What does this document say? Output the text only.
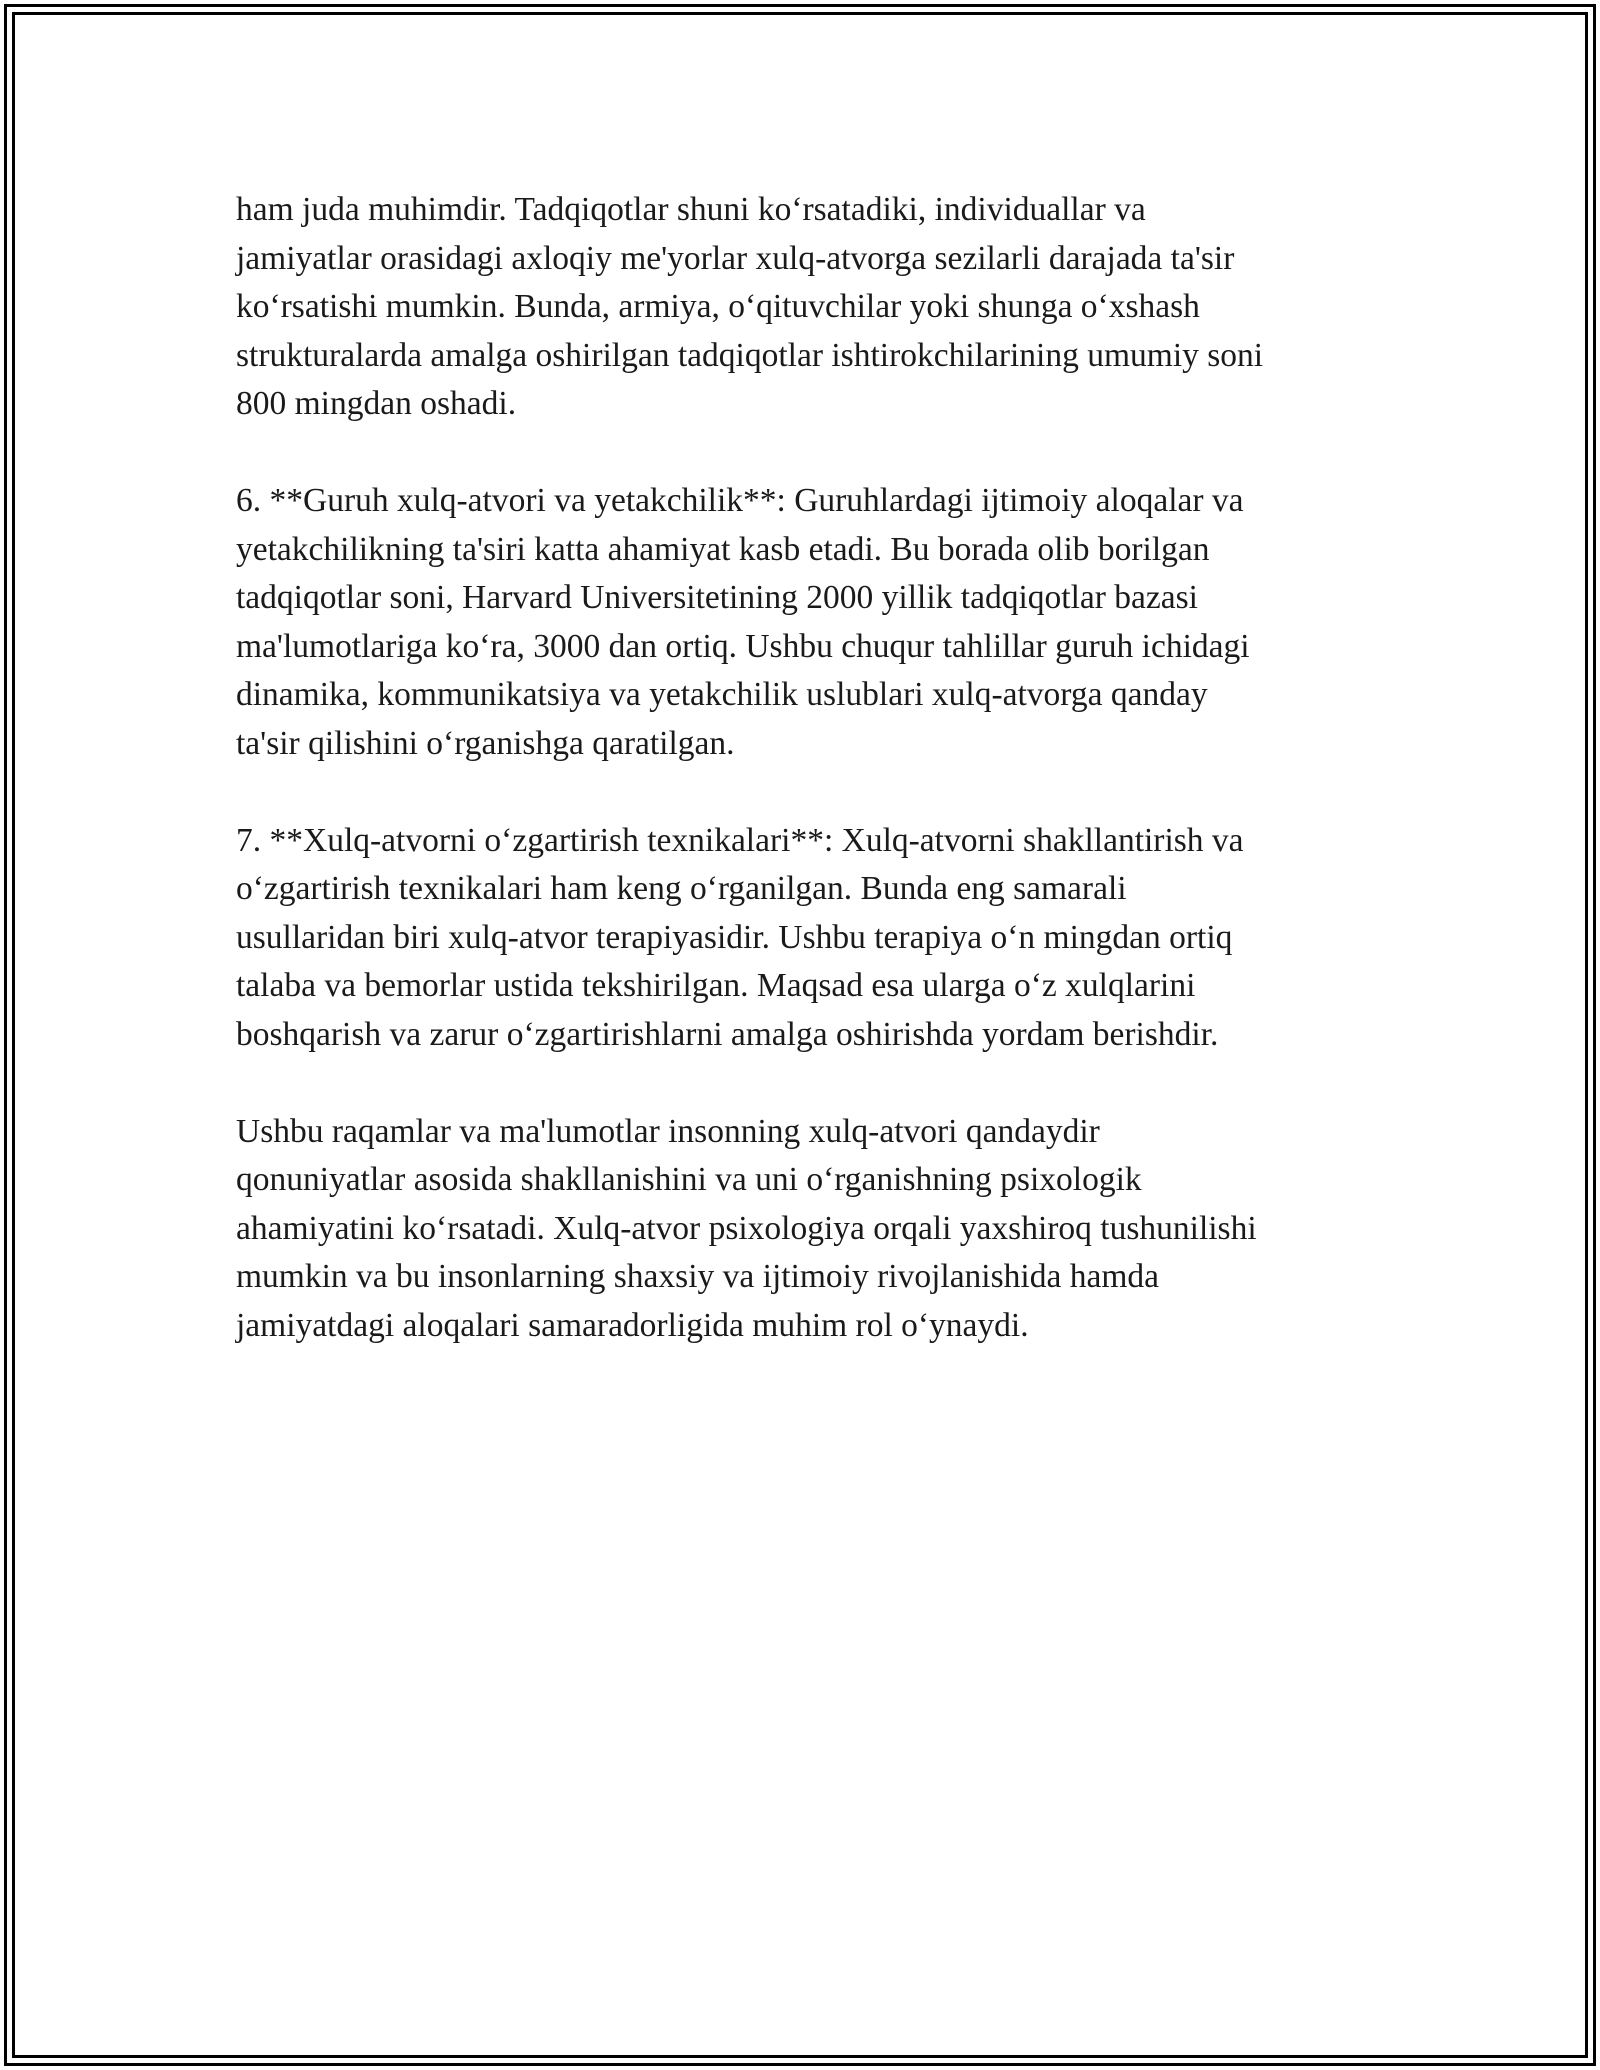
ham juda muhimdir. Tadqiqotlar shuni ko‘rsatadiki, individuallar va
jamiyatlar orasidagi axloqiy me'yorlar xulq-atvorga sezilarli darajada ta'sir
ko‘rsatishi mumkin. Bunda, armiya, o‘qituvchilar yoki shunga o‘xshash
strukturalarda amalga oshirilgan tadqiqotlar ishtirokchilarining umumiy soni
800 mingdan oshadi.

6. **Guruh xulq-atvori va yetakchilik**: Guruhlardagi ijtimoiy aloqalar va
yetakchilikning ta'siri katta ahamiyat kasb etadi. Bu borada olib borilgan
tadqiqotlar soni, Harvard Universitetining 2000 yillik tadqiqotlar bazasi
ma'lumotlariga ko‘ra, 3000 dan ortiq. Ushbu chuqur tahlillar guruh ichidagi
dinamika, kommunikatsiya va yetakchilik uslublari xulq-atvorga qanday
ta'sir qilishini o‘rganishga qaratilgan.

7. **Xulq-atvorni o‘zgartirish texnikalari**: Xulq-atvorni shakllantirish va
o‘zgartirish texnikalari ham keng o‘rganilgan. Bunda eng samarali
usullaridan biri xulq-atvor terapiyasidir. Ushbu terapiya o‘n mingdan ortiq
talaba va bemorlar ustida tekshirilgan. Maqsad esa ularga o‘z xulqlarini
boshqarish va zarur o‘zgartirishlarni amalga oshirishda yordam berishdir.

Ushbu raqamlar va ma'lumotlar insonning xulq-atvori qandaydir
qonuniyatlar asosida shakllanishini va uni o‘rganishning psixologik
ahamiyatini ko‘rsatadi. Xulq-atvor psixologiya orqali yaxshiroq tushunilishi
mumkin va bu insonlarning shaxsiy va ijtimoiy rivojlanishida hamda
jamiyatdagi aloqalari samaradorligida muhim rol o‘ynaydi.
